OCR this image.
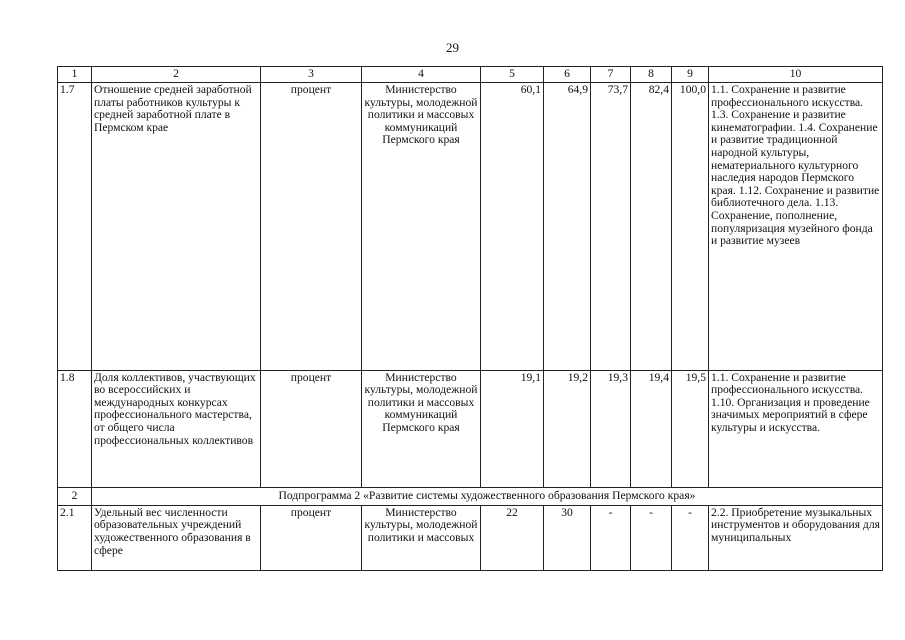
29
1	2	3	4	5	6	7	8	9	10
1.7	Отношение средней заработной платы работников культуры к средней заработной плате в Пермском крае	процент	Министерство культуры, молодежной политики и массовых коммуникаций Пермского края	60,1	64,9	73,7	82,4	100,0	1.1. Сохранение и развитие профессионального искусства. 1.3. Сохранение и развитие кинематографии. 1.4. Сохранение и развитие традиционной народной культуры, нематериального культурного наследия народов Пермского края. 1.12. Сохранение и развитие библиотечного дела. 1.13. Сохранение, пополнение, популяризация музейного фонда и развитие музеев
1.8	Доля коллективов, участвующих во всероссийских и международных конкурсах профессионального мастерства, от общего числа профессиональных коллективов	процент	Министерство культуры, молодежной политики и массовых коммуникаций Пермского края	19,1	19,2	19,3	19,4	19,5	1.1. Сохранение и развитие профессионального искусства. 1.10. Организация и проведение значимых мероприятий в сфере культуры и искусства.
2	Подпрограмма 2 «Развитие системы художественного образования Пермского края»								
2.1	Удельный вес численности образовательных учреждений художественного образования в сфере	процент	Министерство культуры, молодежной политики и массовых	22	30	-	-	-	2.2. Приобретение музыкальных инструментов и оборудования для муниципальных
